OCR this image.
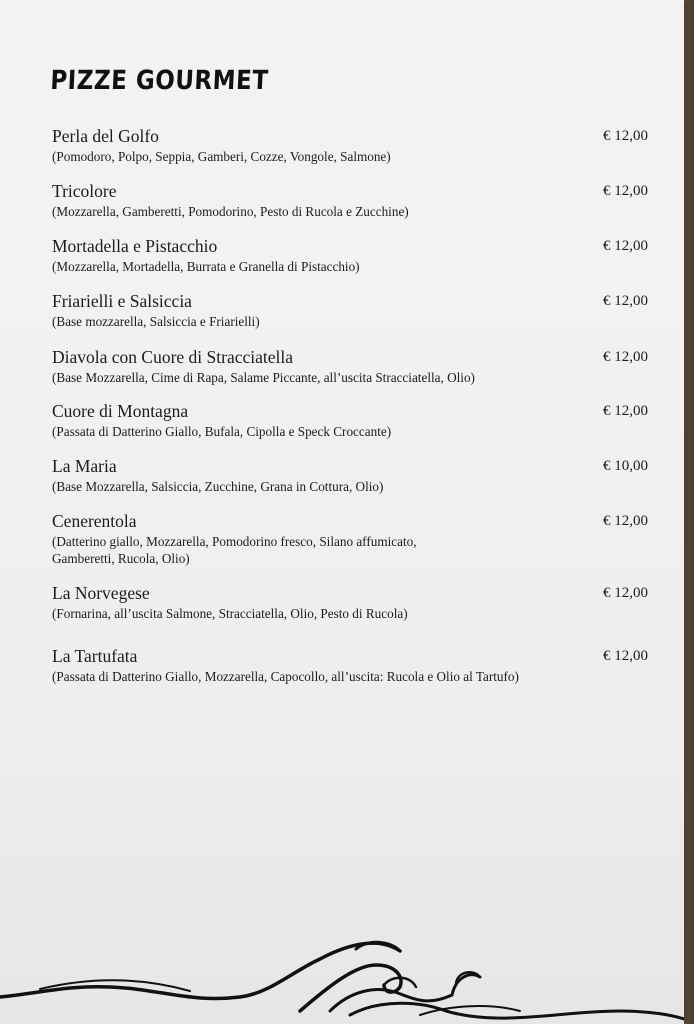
PIZZE GOURMET
Perla del Golfo
(Pomodoro, Polpo, Seppia, Gamberi, Cozze, Vongole, Salmone)
€ 12,00
Tricolore
(Mozzarella, Gamberetti, Pomodorino, Pesto di Rucola e Zucchine)
€ 12,00
Mortadella e Pistacchio
(Mozzarella, Mortadella, Burrata e Granella di Pistacchio)
€ 12,00
Friarielli e Salsiccia
(Base mozzarella, Salsiccia e Friarielli)
€ 12,00
Diavola con Cuore di Stracciatella
(Base Mozzarella, Cime di Rapa, Salame Piccante, all’uscita Stracciatella, Olio)
€ 12,00
Cuore di Montagna
(Passata di Datterino Giallo, Bufala, Cipolla e Speck Croccante)
€ 12,00
La Maria
(Base Mozzarella, Salsiccia, Zucchine, Grana in Cottura, Olio)
€ 10,00
Cenerentola
(Datterino giallo, Mozzarella, Pomodorino fresco, Silano affumicato, Gamberetti, Rucola, Olio)
€ 12,00
La Norvegese
(Fornarina, all’uscita Salmone, Stracciatella, Olio, Pesto di Rucola)
€ 12,00
La Tartufata
(Passata di Datterino Giallo, Mozzarella, Capocollo, all’uscita: Rucola e Olio al Tartufo)
€ 12,00
